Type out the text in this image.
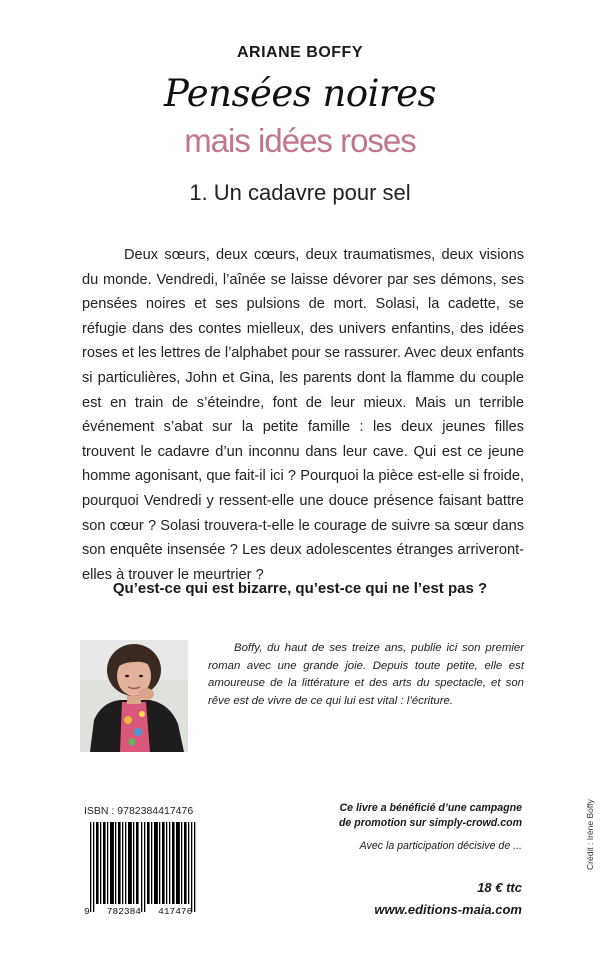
ARIANE BOFFY
Pensées noires
mais idées roses
1. Un cadavre pour sel

Deux sœurs, deux cœurs, deux traumatismes, deux visions du monde. Vendredi, l’aînée se laisse dévorer par ses démons, ses pensées noires et ses pulsions de mort. Solasi, la cadette, se réfugie dans des contes mielleux, des univers enfantins, des idées roses et les lettres de l’alphabet pour se rassurer. Avec deux enfants si particulières, John et Gina, les parents dont la flamme du couple est en train de s’éteindre, font de leur mieux. Mais un terrible événement s’abat sur la petite famille : les deux jeunes filles trouvent le cadavre d’un inconnu dans leur cave. Qui est ce jeune homme agonisant, que fait-il ici ? Pourquoi la pièce est-elle si froide, pourquoi Vendredi y ressent-elle une douce présence faisant battre son cœur ? Solasi trouvera-t-elle le courage de suivre sa sœur dans son enquête insensée ? Les deux adolescentes étranges arriveront-elles à trouver le meurtrier ?

Qu’est-ce qui est bizarre, qu’est-ce qui ne l’est pas ?

Boffy, du haut de ses treize ans, publie ici son premier roman avec une grande joie. Depuis toute petite, elle est amoureuse de la littérature et des arts du spectacle, et son rêve est de vivre de ce qui lui est vital : l’écriture.

ISBN : 9782384417476
9   782384   417476
Ce livre a bénéficié d’une campagne
de promotion sur simply-crowd.com
Avec la participation décisive de ...
18 € ttc
www.editions-maia.com
Crédit : Irène Boffy
